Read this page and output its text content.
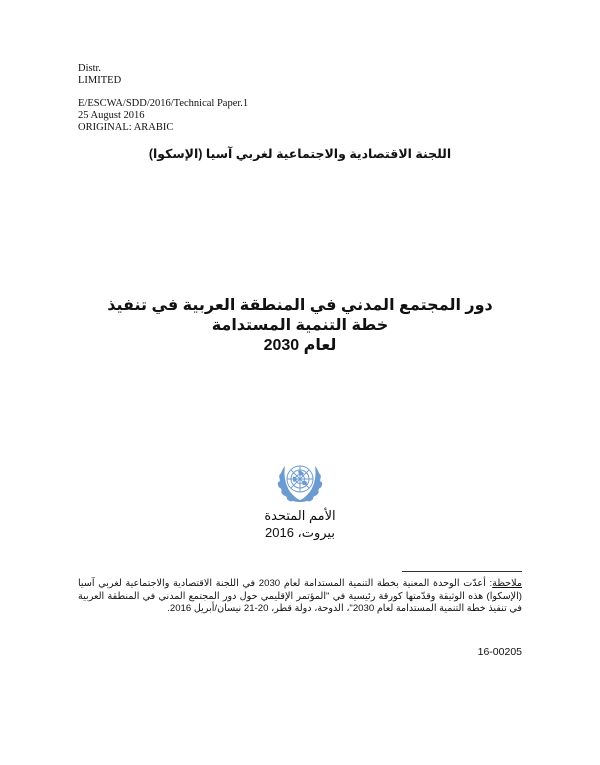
Distr.
LIMITED
E/ESCWA/SDD/2016/Technical Paper.1
25 August 2016
ORIGINAL: ARABIC
اللجنة الاقتصادية والاجتماعية لغربي آسيا (الإسكوا)
دور المجتمع المدني في المنطقة العربية في تنفيذ
خطة التنمية المستدامة
لعام 2030
الأمم المتحدة
بيروت، 2016
ملاحظة: أعدّت الوحدة المعنية بخطة التنمية المستدامة لعام 2030 في اللجنة الاقتصادية والاجتماعية لغربي آسيا (الإسكوا) هذه الوثيقة وقدّمتها كورقة رئيسية في "المؤتمر الإقليمي حول دور المجتمع المدني في المنطقة العربية في تنفيذ خطة التنمية المستدامة لعام 2030"، الدوحة، دولة قطر، 20-21 نيسان/أبريل 2016.
16-00205
